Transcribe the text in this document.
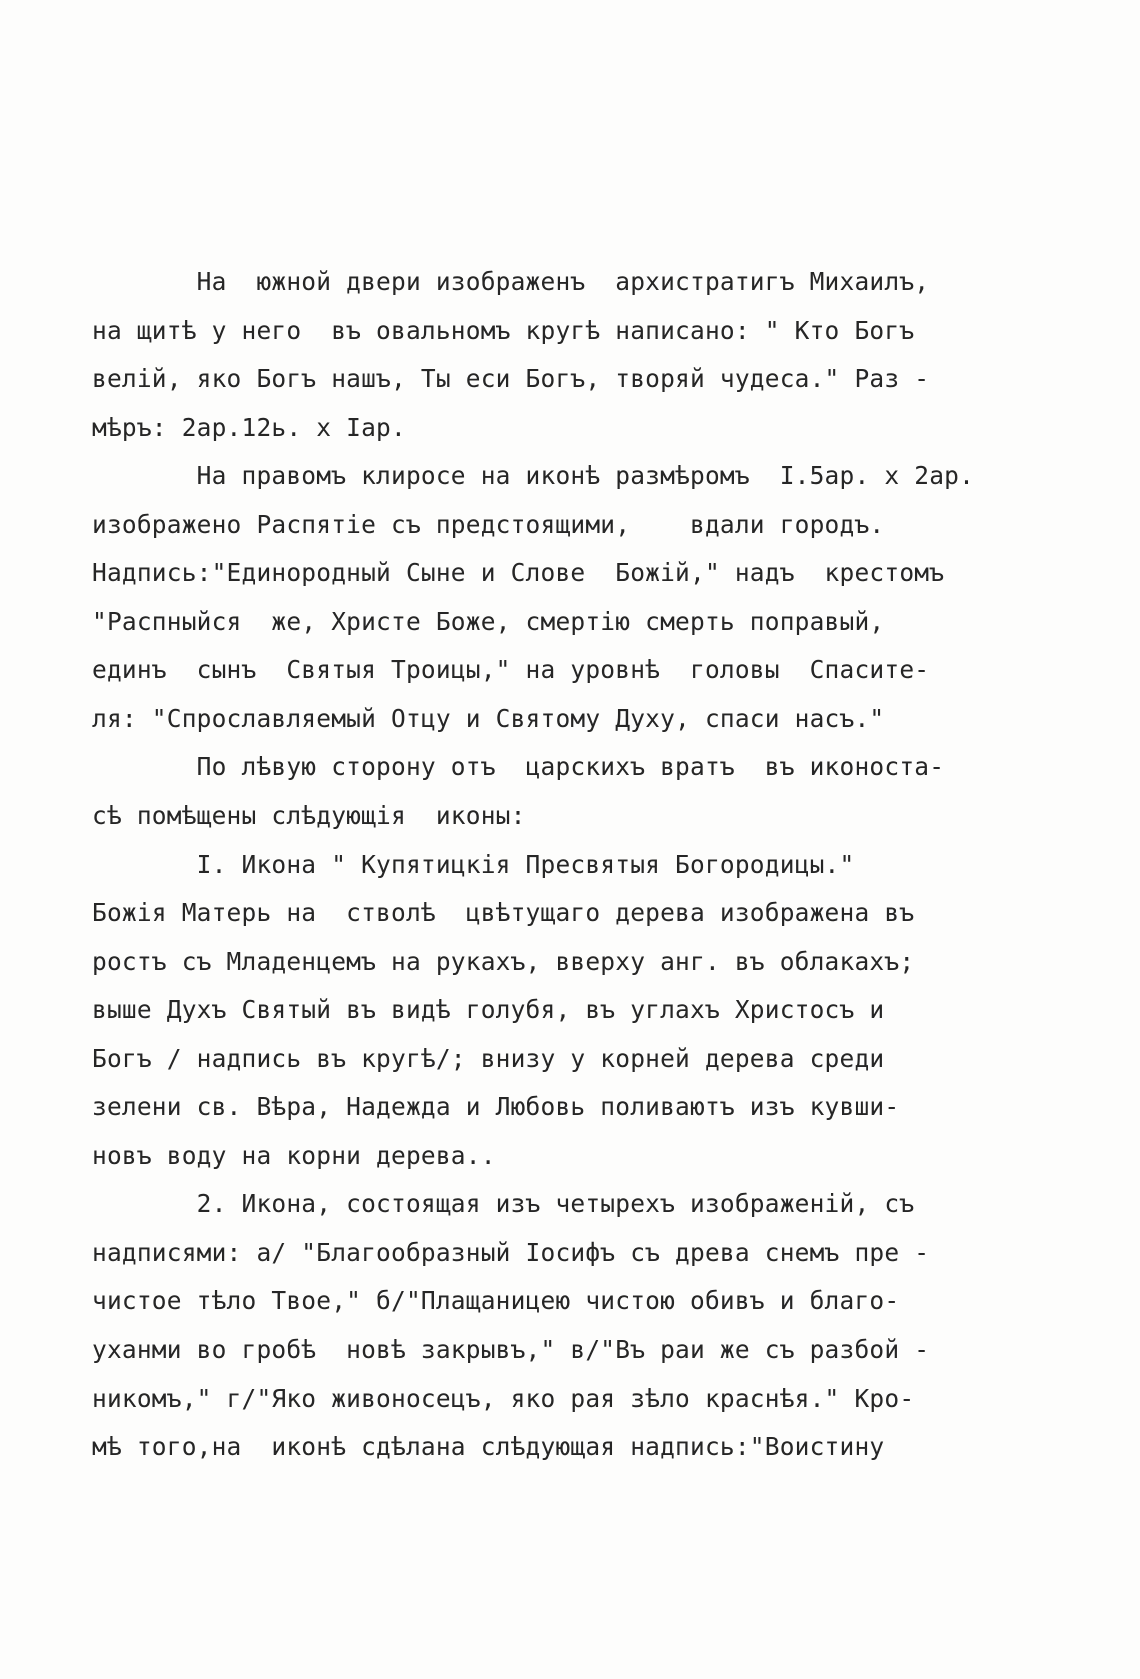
На  южной двери изображенъ  архистратигъ Михаилъ,
на щитѣ у него  въ овальномъ кругѣ написано: " Кто Богъ
велій, яко Богъ нашъ, Ты еси Богъ, творяй чудеса." Раз -
мѣръ: 2ар.12ь. х Iар.
На правомъ клиросе на иконѣ размѣромъ  I.5ар. х 2ар.
изображено Распятіе съ предстоящими,    вдали городъ.
Надпись:"Единородный Сыне и Слове  Божій," надъ  крестомъ
"Распныйся  же, Христе Боже, смертію смерть поправый,
единъ  сынъ  Святыя Троицы," на уровнѣ  головы  Спасите-
ля: "Спрославляемый Отцу и Святому Духу, спаси насъ."
По лѣвую сторону отъ  царскихъ вратъ  въ иконоста-
сѣ помѣщены слѣдующія  иконы:
I. Икона " Купятицкія Пресвятыя Богородицы."
Божія Матерь на  стволѣ  цвѣтущаго дерева изображена въ
ростъ съ Младенцемъ на рукахъ, вверху анг. въ облакахъ;
выше Духъ Святый въ видѣ голубя, въ углахъ Христосъ и
Богъ / надпись въ кругѣ/; внизу у корней дерева среди
зелени св. Вѣра, Надежда и Любовь поливаютъ изъ кувши-
новъ воду на корни дерева..
2. Икона, состоящая изъ четырехъ изображеній, съ
надписями: а/ "Благообразный Іосифъ съ древа снемъ пре -
чистое тѣло Твое," б/"Плащаницею чистою обивъ и благо-
уханми во гробѣ  новѣ закрывъ," в/"Въ раи же съ разбой -
никомъ," г/"Яко живоносецъ, яко рая зѣло краснѣя." Кро-
мѣ того,на  иконѣ сдѣлана слѣдующая надпись:"Воистину
